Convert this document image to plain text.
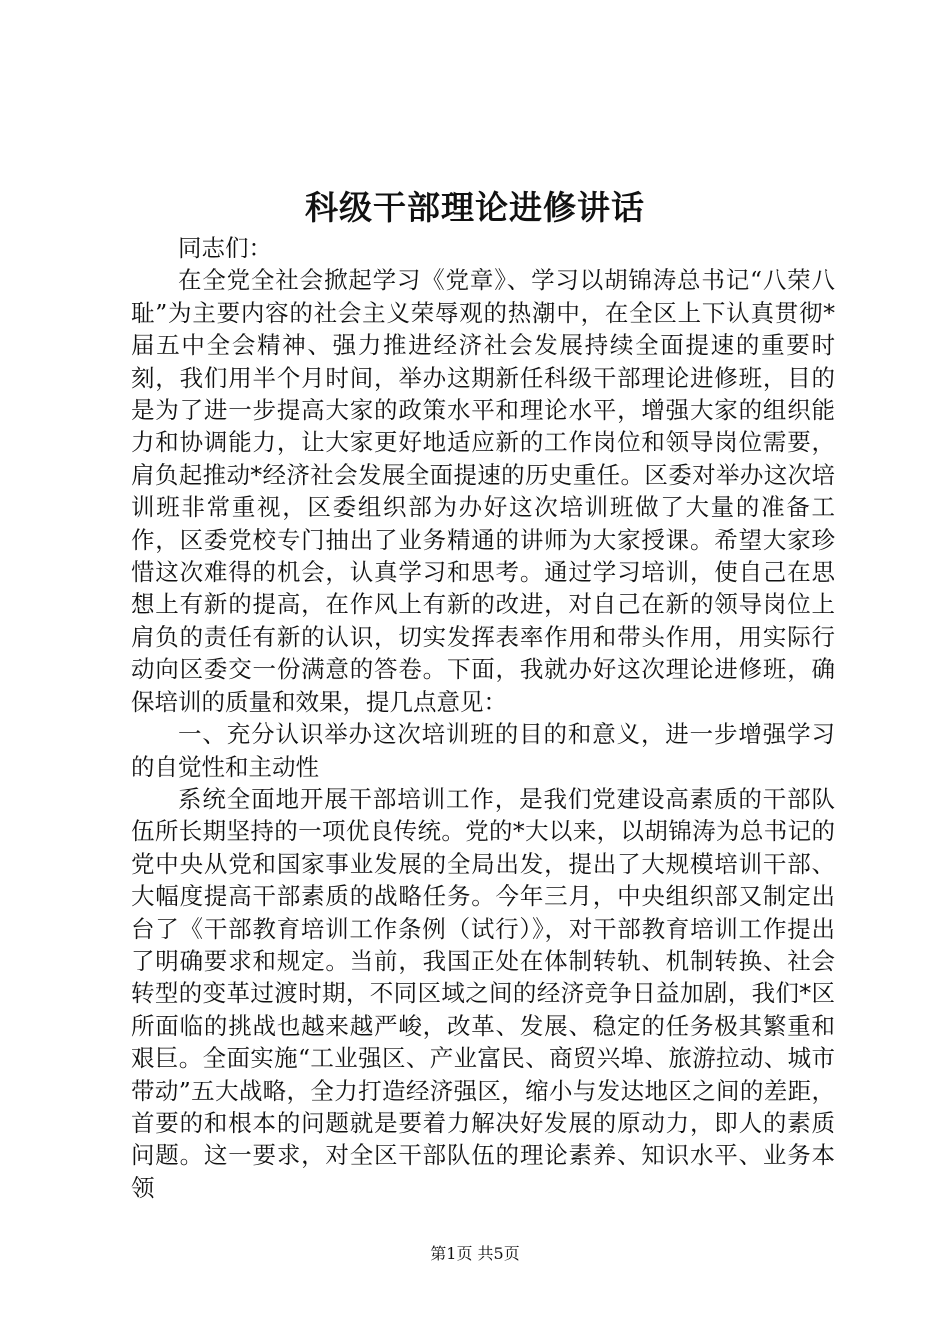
科级干部理论进修讲话

同志们：

在全党全社会掀起学习《党章》、学习以胡锦涛总书记“八荣八耻”为主要内容的社会主义荣辱观的热潮中，在全区上下认真贯彻*届五中全会精神、强力推进经济社会发展持续全面提速的重要时刻，我们用半个月时间，举办这期新任科级干部理论进修班，目的是为了进一步提高大家的政策水平和理论水平，增强大家的组织能力和协调能力，让大家更好地适应新的工作岗位和领导岗位需要，肩负起推动*经济社会发展全面提速的历史重任。区委对举办这次培训班非常重视，区委组织部为办好这次培训班做了大量的准备工作，区委党校专门抽出了业务精通的讲师为大家授课。希望大家珍惜这次难得的机会，认真学习和思考。通过学习培训，使自己在思想上有新的提高，在作风上有新的改进，对自己在新的领导岗位上肩负的责任有新的认识，切实发挥表率作用和带头作用，用实际行动向区委交一份满意的答卷。下面，我就办好这次理论进修班，确保培训的质量和效果，提几点意见：

一、充分认识举办这次培训班的目的和意义，进一步增强学习的自觉性和主动性

系统全面地开展干部培训工作，是我们党建设高素质的干部队伍所长期坚持的一项优良传统。党的*大以来，以胡锦涛为总书记的党中央从党和国家事业发展的全局出发，提出了大规模培训干部、大幅度提高干部素质的战略任务。今年三月，中央组织部又制定出台了《干部教育培训工作条例（试行）》，对干部教育培训工作提出了明确要求和规定。当前，我国正处在体制转轨、机制转换、社会转型的变革过渡时期，不同区域之间的经济竞争日益加剧，我们*区所面临的挑战也越来越严峻，改革、发展、稳定的任务极其繁重和艰巨。全面实施“工业强区、产业富民、商贸兴埠、旅游拉动、城市带动”五大战略，全力打造经济强区，缩小与发达地区之间的差距，首要的和根本的问题就是要着力解决好发展的原动力，即人的素质问题。这一要求，对全区干部队伍的理论素养、知识水平、业务本领

第1页 共5页
